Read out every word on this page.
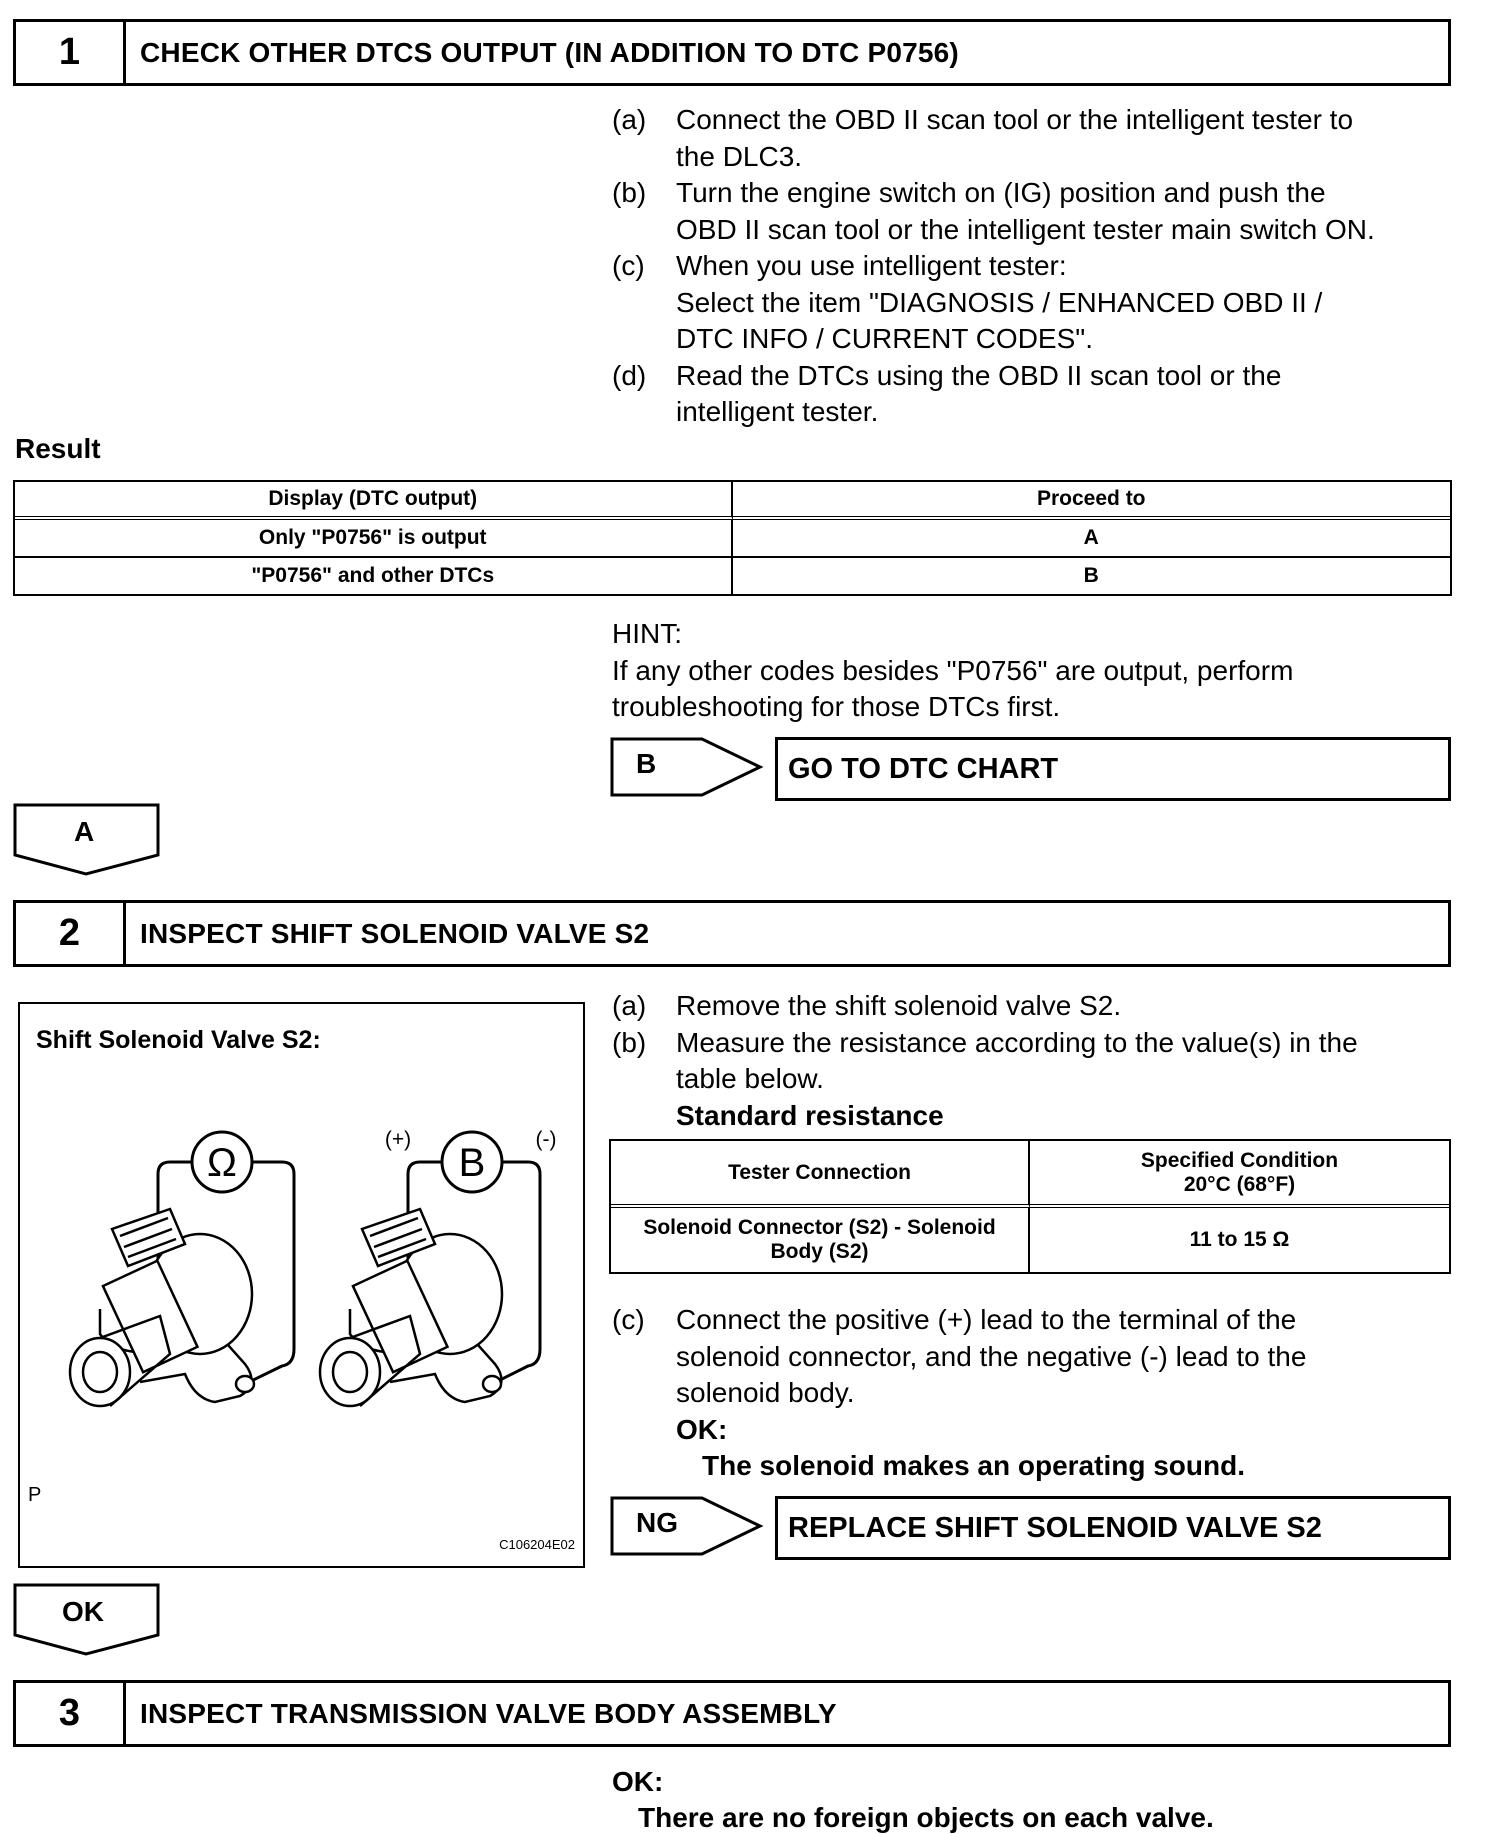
1	CHECK OTHER DTCS OUTPUT (IN ADDITION TO DTC P0756)
(a)	Connect the OBD II scan tool or the intelligent tester to
the DLC3.
(b)	Turn the engine switch on (IG) position and push the
OBD II scan tool or the intelligent tester main switch ON.
(c)	When you use intelligent tester:
Select the item "DIAGNOSIS / ENHANCED OBD II /
DTC INFO / CURRENT CODES".
(d)	Read the DTCs using the OBD II scan tool or the
intelligent tester.
Result
Display (DTC output)	Proceed to
Only "P0756" is output	A
"P0756" and other DTCs	B
HINT:
If any other codes besides "P0756" are output, perform
troubleshooting for those DTCs first.
B	GO TO DTC CHART
A
2	INSPECT SHIFT SOLENOID VALVE S2
Ω	B
(+)	(-)
Shift Solenoid Valve S2:
P
C106204E02
(a)	Remove the shift solenoid valve S2.
(b)	Measure the resistance according to the value(s) in the
table below.
Standard resistance
Tester Connection	Specified Condition
20°C (68°F)

Solenoid Connector (S2) - Solenoid
Body (S2)	11 to 15 Ω
(c)	Connect the positive (+) lead to the terminal of the
solenoid connector, and the negative (-) lead to the
solenoid body.
OK:
The solenoid makes an operating sound.
NG	REPLACE SHIFT SOLENOID VALVE S2
OK
3	INSPECT TRANSMISSION VALVE BODY ASSEMBLY
OK:
There are no foreign objects on each valve.
